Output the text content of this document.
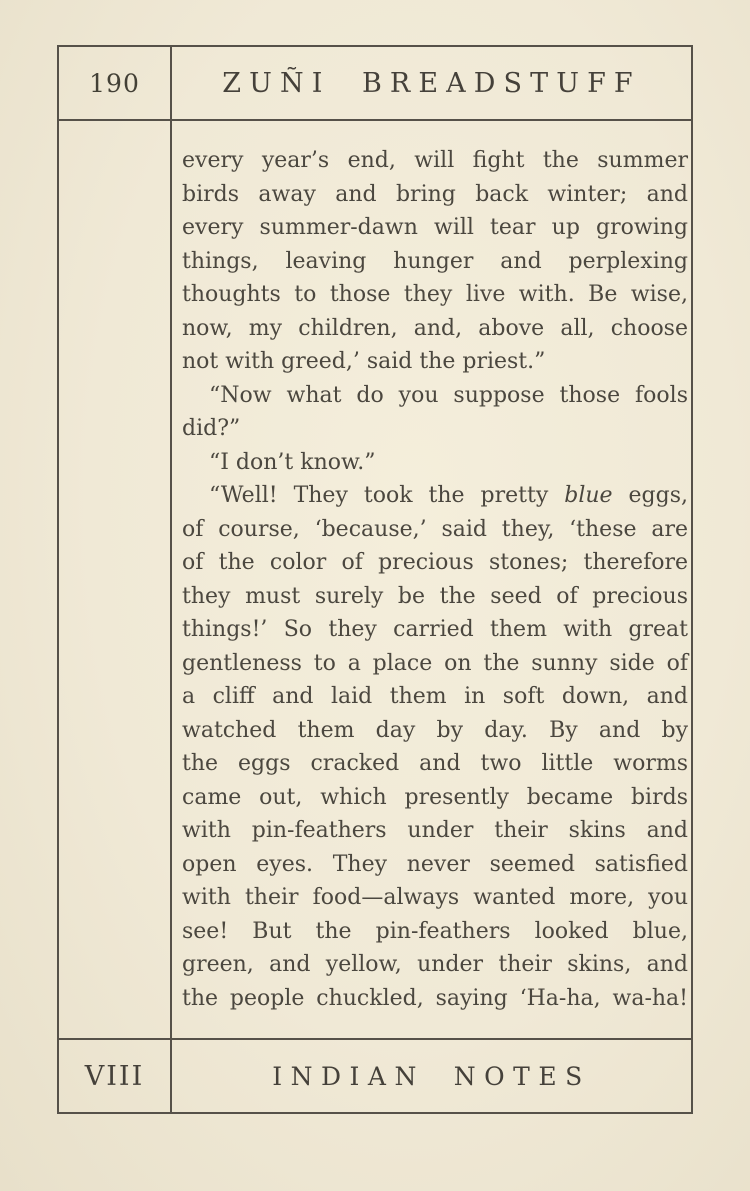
190	ZUÑI BREADSTUFF
every year’s end, will fight the summer
birds away and bring back winter; and
every summer-dawn will tear up growing
things, leaving hunger and perplexing
thoughts to those they live with. Be wise,
now, my children, and, above all, choose
not with greed,’ said the priest.”
“Now what do you suppose those fools
did?”
“I don’t know.”
“Well! They took the pretty blue eggs,
of course, ‘because,’ said they, ‘these are
of the color of precious stones; therefore
they must surely be the seed of precious
things!’ So they carried them with great
gentleness to a place on the sunny side of
a cliff and laid them in soft down, and
watched them day by day. By and by
the eggs cracked and two little worms
came out, which presently became birds
with pin-feathers under their skins and
open eyes. They never seemed satisfied
with their food—always wanted more, you
see! But the pin-feathers looked blue,
green, and yellow, under their skins, and
the people chuckled, saying ‘Ha-ha, wa-ha!
VIII	INDIAN NOTES
